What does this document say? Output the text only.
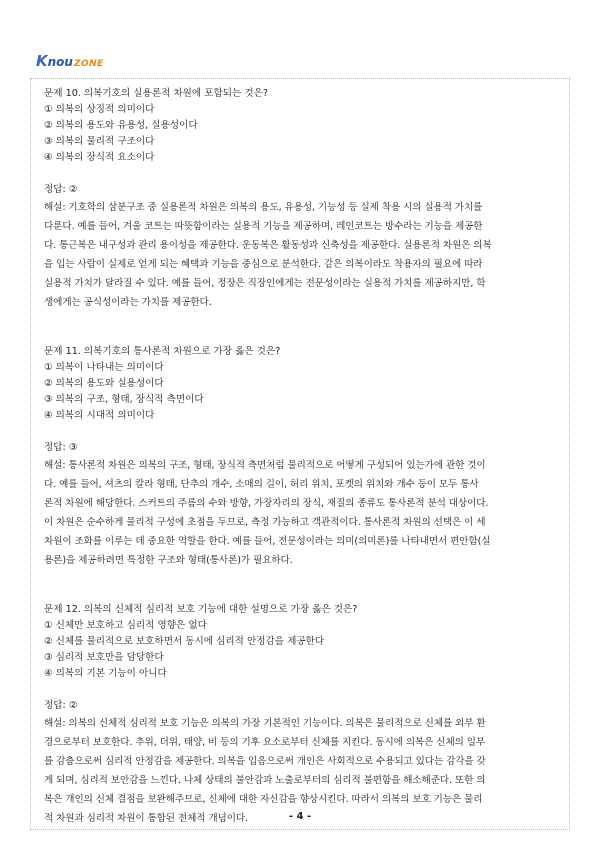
K nou ZONE

문제 10. 의복기호의 실용론적 차원에 포함되는 것은?

① 의복의 상징적 의미이다

② 의복의 용도와 유용성, 실용성이다

③ 의복의 물리적 구조이다

④ 의복의 장식적 요소이다

정답: ②

해설: 기호학의 삼분구조 중 실용론적 차원은 의복의 용도, 유용성, 기능성 등 실제 착용 시의 실용적 가치를
다룬다. 예를 들어, 겨울 코트는 따뜻함이라는 실용적 기능을 제공하며, 레인코트는 방수라는 기능을 제공한
다. 통근복은 내구성과 관리 용이성을 제공한다. 운동복은 활동성과 신축성을 제공한다. 실용론적 차원은 의복
을 입는 사람이 실제로 얻게 되는 혜택과 기능을 중심으로 분석한다. 같은 의복이라도 착용자의 필요에 따라
실용적 가치가 달라질 수 있다. 예를 들어, 정장은 직장인에게는 전문성이라는 실용적 가치를 제공하지만, 학
생에게는 공식성이라는 가치를 제공한다.

문제 11. 의복기호의 통사론적 차원으로 가장 옳은 것은?

① 의복이 나타내는 의미이다

② 의복의 용도와 실용성이다

③ 의복의 구조, 형태, 장식적 측면이다

④ 의복의 시대적 의미이다

정답: ③

해설: 통사론적 차원은 의복의 구조, 형태, 장식적 측면처럼 물리적으로 어떻게 구성되어 있는가에 관한 것이
다. 예를 들어, 셔츠의 칼라 형태, 단추의 개수, 소매의 길이, 허리 위치, 포켓의 위치와 개수 등이 모두 통사
론적 차원에 해당한다. 스커트의 주름의 수와 방향, 가장자리의 장식, 재질의 종류도 통사론적 분석 대상이다.
이 차원은 순수하게 물리적 구성에 초점을 두므로, 측정 가능하고 객관적이다. 통사론적 차원의 선택은 이 세
차원이 조화를 이루는 데 중요한 역할을 한다. 예를 들어, 전문성이라는 의미(의미론)를 나타내면서 편안함(실
용론)을 제공하려면 특정한 구조와 형태(통사론)가 필요하다.

문제 12. 의복의 신체적 심리적 보호 기능에 대한 설명으로 가장 옳은 것은?

① 신체만 보호하고 심리적 영향은 없다

② 신체를 물리적으로 보호하면서 동시에 심리적 안정감을 제공한다

③ 심리적 보호만을 담당한다

④ 의복의 기본 기능이 아니다

정답: ②

해설: 의복의 신체적 심리적 보호 기능은 의복의 가장 기본적인 기능이다. 의복은 물리적으로 신체를 외부 환
경으로부터 보호한다. 추위, 더위, 태양, 비 등의 기후 요소로부터 신체를 지킨다. 동시에 의복은 신체의 일부
를 감춤으로써 심리적 안정감을 제공한다. 의복을 입음으로써 개인은 사회적으로 수용되고 있다는 감각을 갖
게 되며, 심리적 보안감을 느낀다. 나체 상태의 불안감과 노출로부터의 심리적 불편함을 해소해준다. 또한 의
복은 개인의 신체 결점을 보완해주므로, 신체에 대한 자신감을 향상시킨다. 따라서 의복의 보호 기능은 물리
적 차원과 심리적 차원이 통합된 전체적 개념이다.	- 4 -
